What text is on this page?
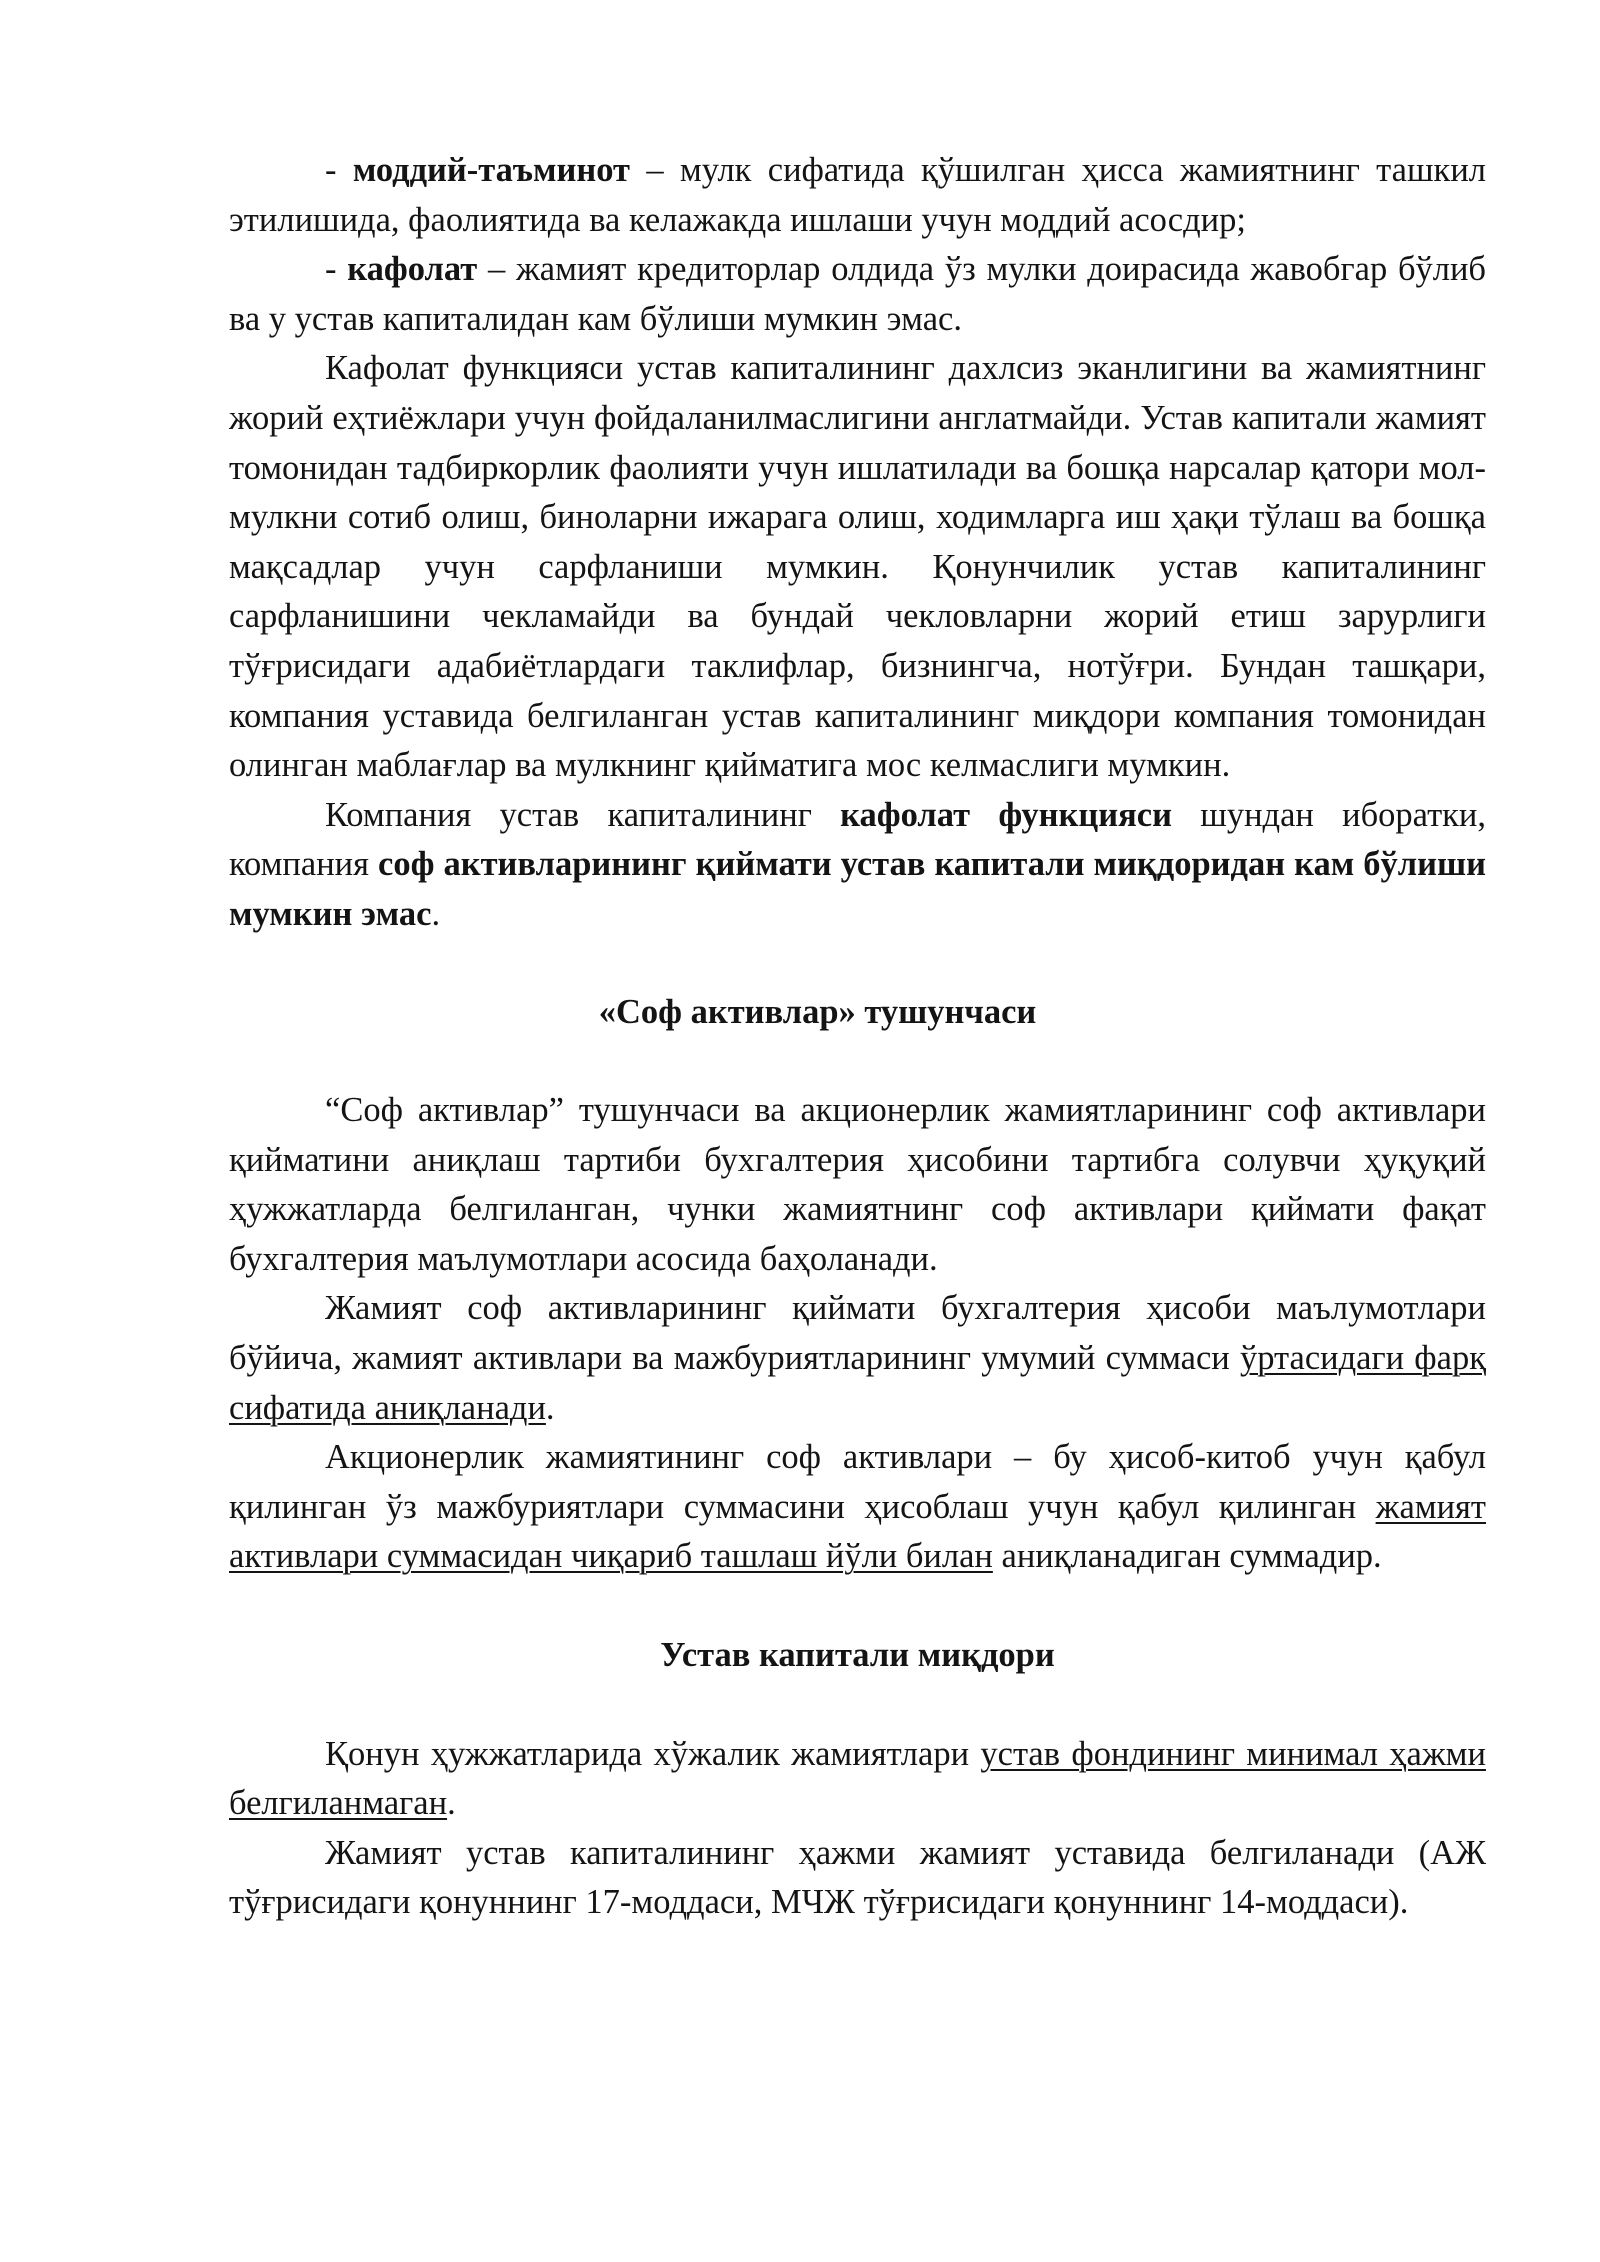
- моддий-таъминот – мулк сифатида қўшилган ҳисса жамиятнинг ташкил этилишида, фаолиятида ва келажакда ишлаши учун моддий асосдир;

- кафолат – жамият кредиторлар олдида ўз мулки доирасида жавобгар бўлиб ва у устав капиталидан кам бўлиши мумкин эмас.

Кафолат функцияси устав капиталининг дахлсиз эканлигини ва жамиятнинг жорий еҳтиёжлари учун фойдаланилмаслигини англатмайди. Устав капитали жамият томонидан тадбиркорлик фаолияти учун ишлатилади ва бошқа нарсалар қатори мол-мулкни сотиб олиш, биноларни ижарага олиш, ходимларга иш ҳақи тўлаш ва бошқа мақсадлар учун сарфланиши мумкин. Қонунчилик устав капиталининг сарфланишини чекламайди ва бундай чекловларни жорий етиш зарурлиги тўғрисидаги адабиётлардаги таклифлар, бизнингча, нотўғри. Бундан ташқари, компания уставида белгиланган устав капиталининг миқдори компания томонидан олинган маблағлар ва мулкнинг қийматига мос келмаслиги мумкин.

Компания устав капиталининг кафолат функцияси шундан иборатки, компания соф активларининг қиймати устав капитали миқдоридан кам бўлиши мумкин эмас.

«Соф активлар» тушунчаси

“Соф активлар” тушунчаси ва акционерлик жамиятларининг соф активлари қийматини аниқлаш тартиби бухгалтерия ҳисобини тартибга солувчи ҳуқуқий ҳужжатларда белгиланган, чунки жамиятнинг соф активлари қиймати фақат бухгалтерия маълумотлари асосида баҳоланади.

Жамият соф активларининг қиймати бухгалтерия ҳисоби маълумотлари бўйича, жамият активлари ва мажбуриятларининг умумий суммаси ўртасидаги фарқ сифатида аниқланади.

Акционерлик жамиятининг соф активлари – бу ҳисоб-китоб учун қабул қилинган ўз мажбуриятлари суммасини ҳисоблаш учун қабул қилинган жамият активлари суммасидан чиқариб ташлаш йўли билан аниқланадиган суммадир.

Устав капитали миқдори

Қонун ҳужжатларида хўжалик жамиятлари устав фондининг минимал ҳажми белгиланмаган.

Жамият устав капиталининг ҳажми жамият уставида белгиланади (АЖ тўғрисидаги қонуннинг 17-моддаси, МЧЖ тўғрисидаги қонуннинг 14-моддаси).
